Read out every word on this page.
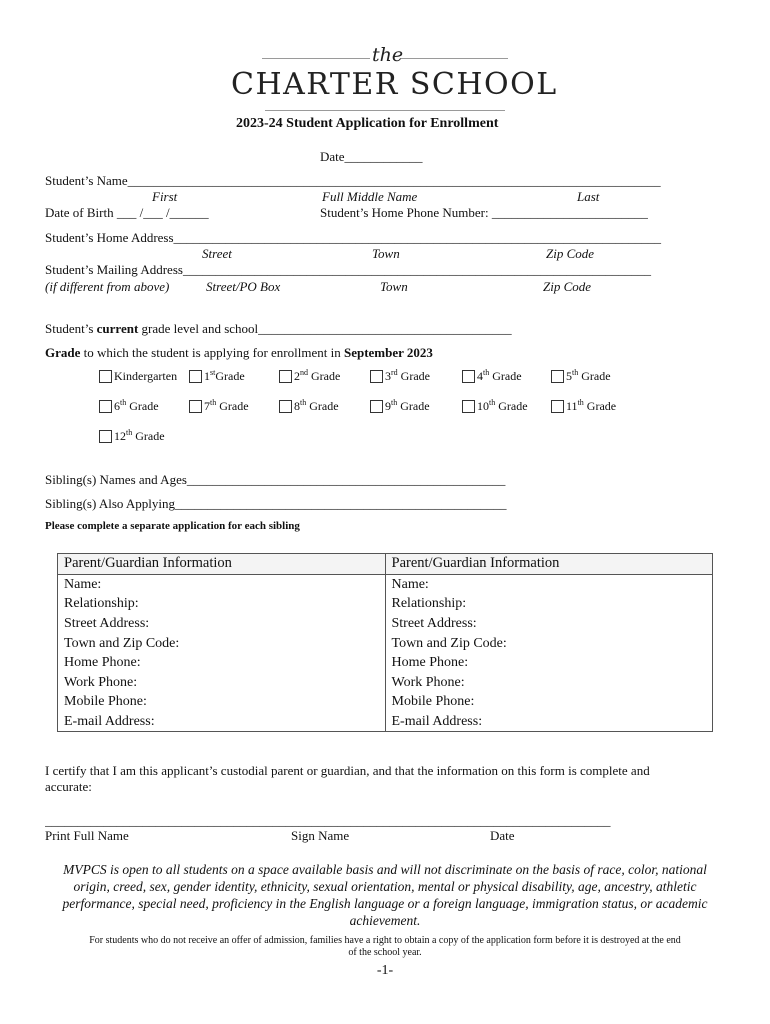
the
CHARTER SCHOOL
2023-24 Student Application for Enrollment
Date____________
Student’s Name__________________________________________________________________________________
First	Full Middle Name	Last
Date of Birth ___ /___ /______	Student’s Home Phone Number: ________________________
Student’s Home Address___________________________________________________________________________
Street	Town	Zip Code
Student’s Mailing Address________________________________________________________________________
(if different from above)	Street/PO Box	Town	Zip Code
Student’s current grade level and school_______________________________________
Grade to which the student is applying for enrollment in September 2023
Kindergarten 1stGrade	2nd Grade	3rd Grade	4th Grade	5th Grade
6th Grade	7th Grade	8th Grade	9th Grade	10th Grade	11th Grade
12th Grade
Sibling(s) Names and Ages_________________________________________________
Sibling(s) Also Applying___________________________________________________
Please complete a separate application for each sibling
Parent/Guardian Information	Parent/Guardian Information
Name:	Name:
Relationship:	Relationship:
Street Address:	Street Address:
Town and Zip Code:	Town and Zip Code:
Home Phone:	Home Phone:
Work Phone:	Work Phone:
Mobile Phone:	Mobile Phone:
E-mail Address:	E-mail Address:
I certify that I am this applicant’s custodial parent or guardian, and that the information on this form is complete and
accurate:
_______________________________________________________________________________________
Print Full Name	Sign Name	Date
MVPCS is open to all students on a space available basis and will not discriminate on the basis of race, color, national
origin, creed, sex, gender identity, ethnicity, sexual orientation, mental or physical disability, age, ancestry, athletic
performance, special need, proficiency in the English language or a foreign language, immigration status, or academic
achievement.
For students who do not receive an offer of admission, families have a right to obtain a copy of the application form before it is destroyed at the end
of the school year.
-1-
